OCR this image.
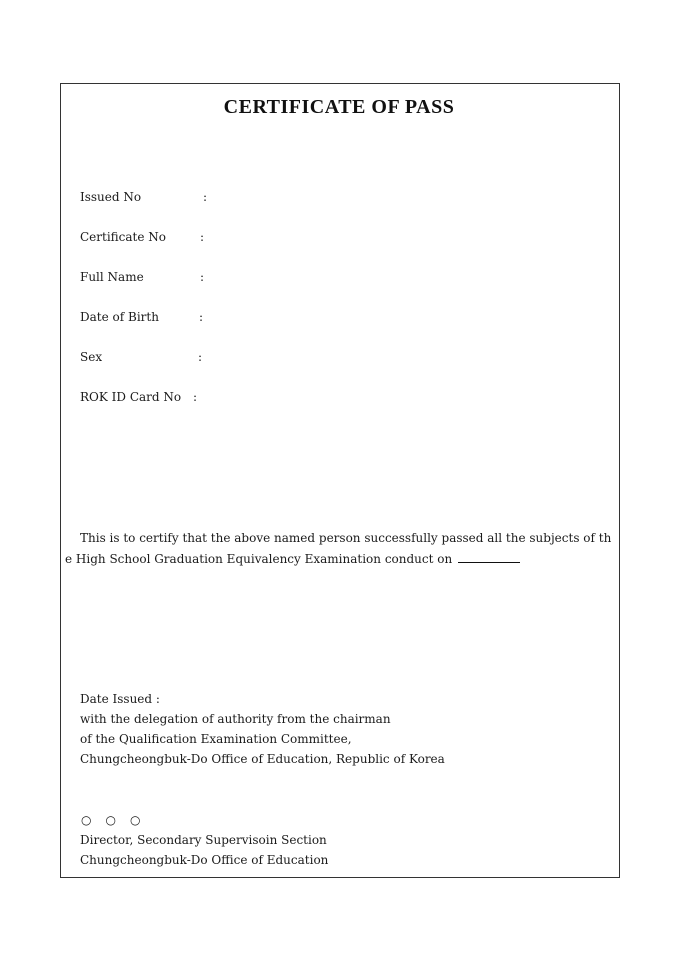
CERTIFICATE OF PASS
Issued No	:
Certificate No	:
Full Name	:
Date of Birth	:
Sex	:
ROK ID Card No :
This is to certify that the above named person successfully passed all the subjects of th
e High School Graduation Equivalency Examination conduct on
Date Issued :
with the delegation of authority from the chairman
of the Qualification Examination Committee,
Chungcheongbuk-Do Office of Education, Republic of Korea
○ ○ ○
Director, Secondary Supervisoin Section
Chungcheongbuk-Do Office of Education
